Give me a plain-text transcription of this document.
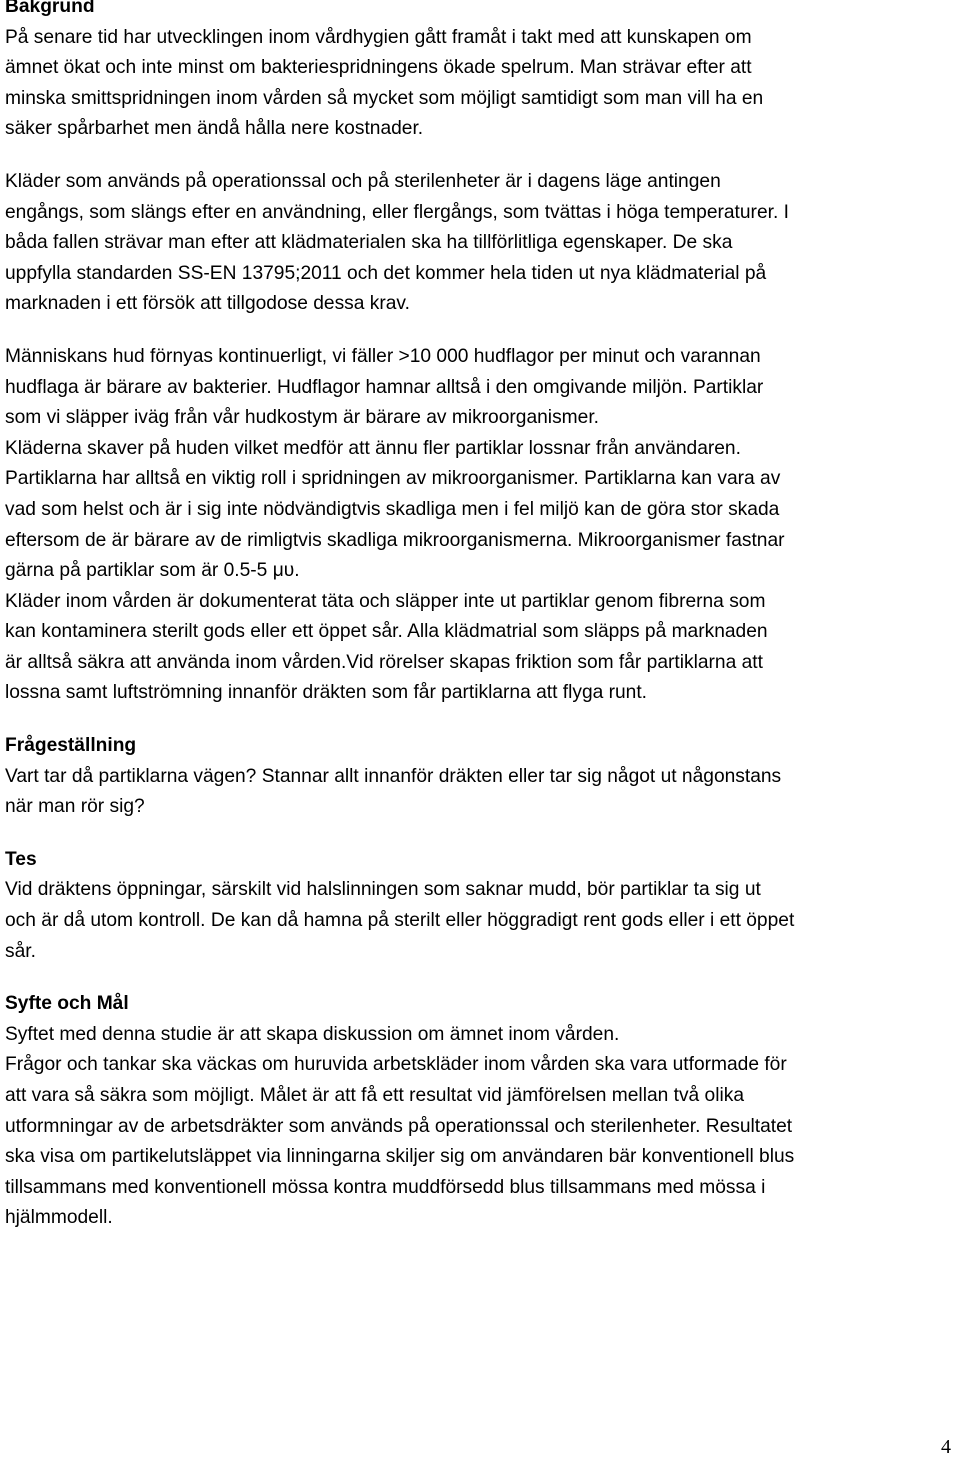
Bakgrund

På senare tid har utvecklingen inom vårdhygien gått framåt i takt med att kunskapen om
ämnet ökat och inte minst om bakteriespridningens ökade spelrum. Man strävar efter att
minska smittspridningen inom vården så mycket som möjligt samtidigt som man vill ha en
säker spårbarhet men ändå hålla nere kostnader.

Kläder som används på operationssal och på sterilenheter är i dagens läge antingen
engångs, som slängs efter en användning, eller flergångs, som tvättas i höga temperaturer. I
båda fallen strävar man efter att klädmaterialen ska ha tillförlitliga egenskaper. De ska
uppfylla standarden SS-EN 13795;2011 och det kommer hela tiden ut nya klädmaterial på
marknaden i ett försök att tillgodose dessa krav.

Människans hud förnyas kontinuerligt, vi fäller >10 000 hudflagor per minut och varannan
hudflaga är bärare av bakterier. Hudflagor hamnar alltså i den omgivande miljön. Partiklar
som vi släpper iväg från vår hudkostym är bärare av mikroorganismer.
Kläderna skaver på huden vilket medför att ännu fler partiklar lossnar från användaren.
Partiklarna har alltså en viktig roll i spridningen av mikroorganismer. Partiklarna kan vara av
vad som helst och är i sig inte nödvändigtvis skadliga men i fel miljö kan de göra stor skada
eftersom de är bärare av de rimligtvis skadliga mikroorganismerna. Mikroorganismer fastnar
gärna på partiklar som är 0.5-5 μυ.
Kläder inom vården är dokumenterat täta och släpper inte ut partiklar genom fibrerna som
kan kontaminera sterilt gods eller ett öppet sår. Alla klädmatrial som släpps på marknaden
är alltså säkra att använda inom vården.Vid rörelser skapas friktion som får partiklarna att
lossna samt luftströmning innanför dräkten som får partiklarna att flyga runt.

Frågeställning

Vart tar då partiklarna vägen? Stannar allt innanför dräkten eller tar sig något ut någonstans
när man rör sig?

Tes

Vid dräktens öppningar, särskilt vid halslinningen som saknar mudd, bör partiklar ta sig ut
och är då utom kontroll. De kan då hamna på sterilt eller höggradigt rent gods eller i ett öppet
sår.

Syfte och Mål

Syftet med denna studie är att skapa diskussion om ämnet inom vården.
Frågor och tankar ska väckas om huruvida arbetskläder inom vården ska vara utformade för
att vara så säkra som möjligt. Målet är att få ett resultat vid jämförelsen mellan två olika
utformningar av de arbetsdräkter som används på operationssal och sterilenheter. Resultatet
ska visa om partikelutsläppet via linningarna skiljer sig om användaren bär konventionell blus
tillsammans med konventionell mössa kontra muddförsedd blus tillsammans med mössa i
hjälmmodell.

4
